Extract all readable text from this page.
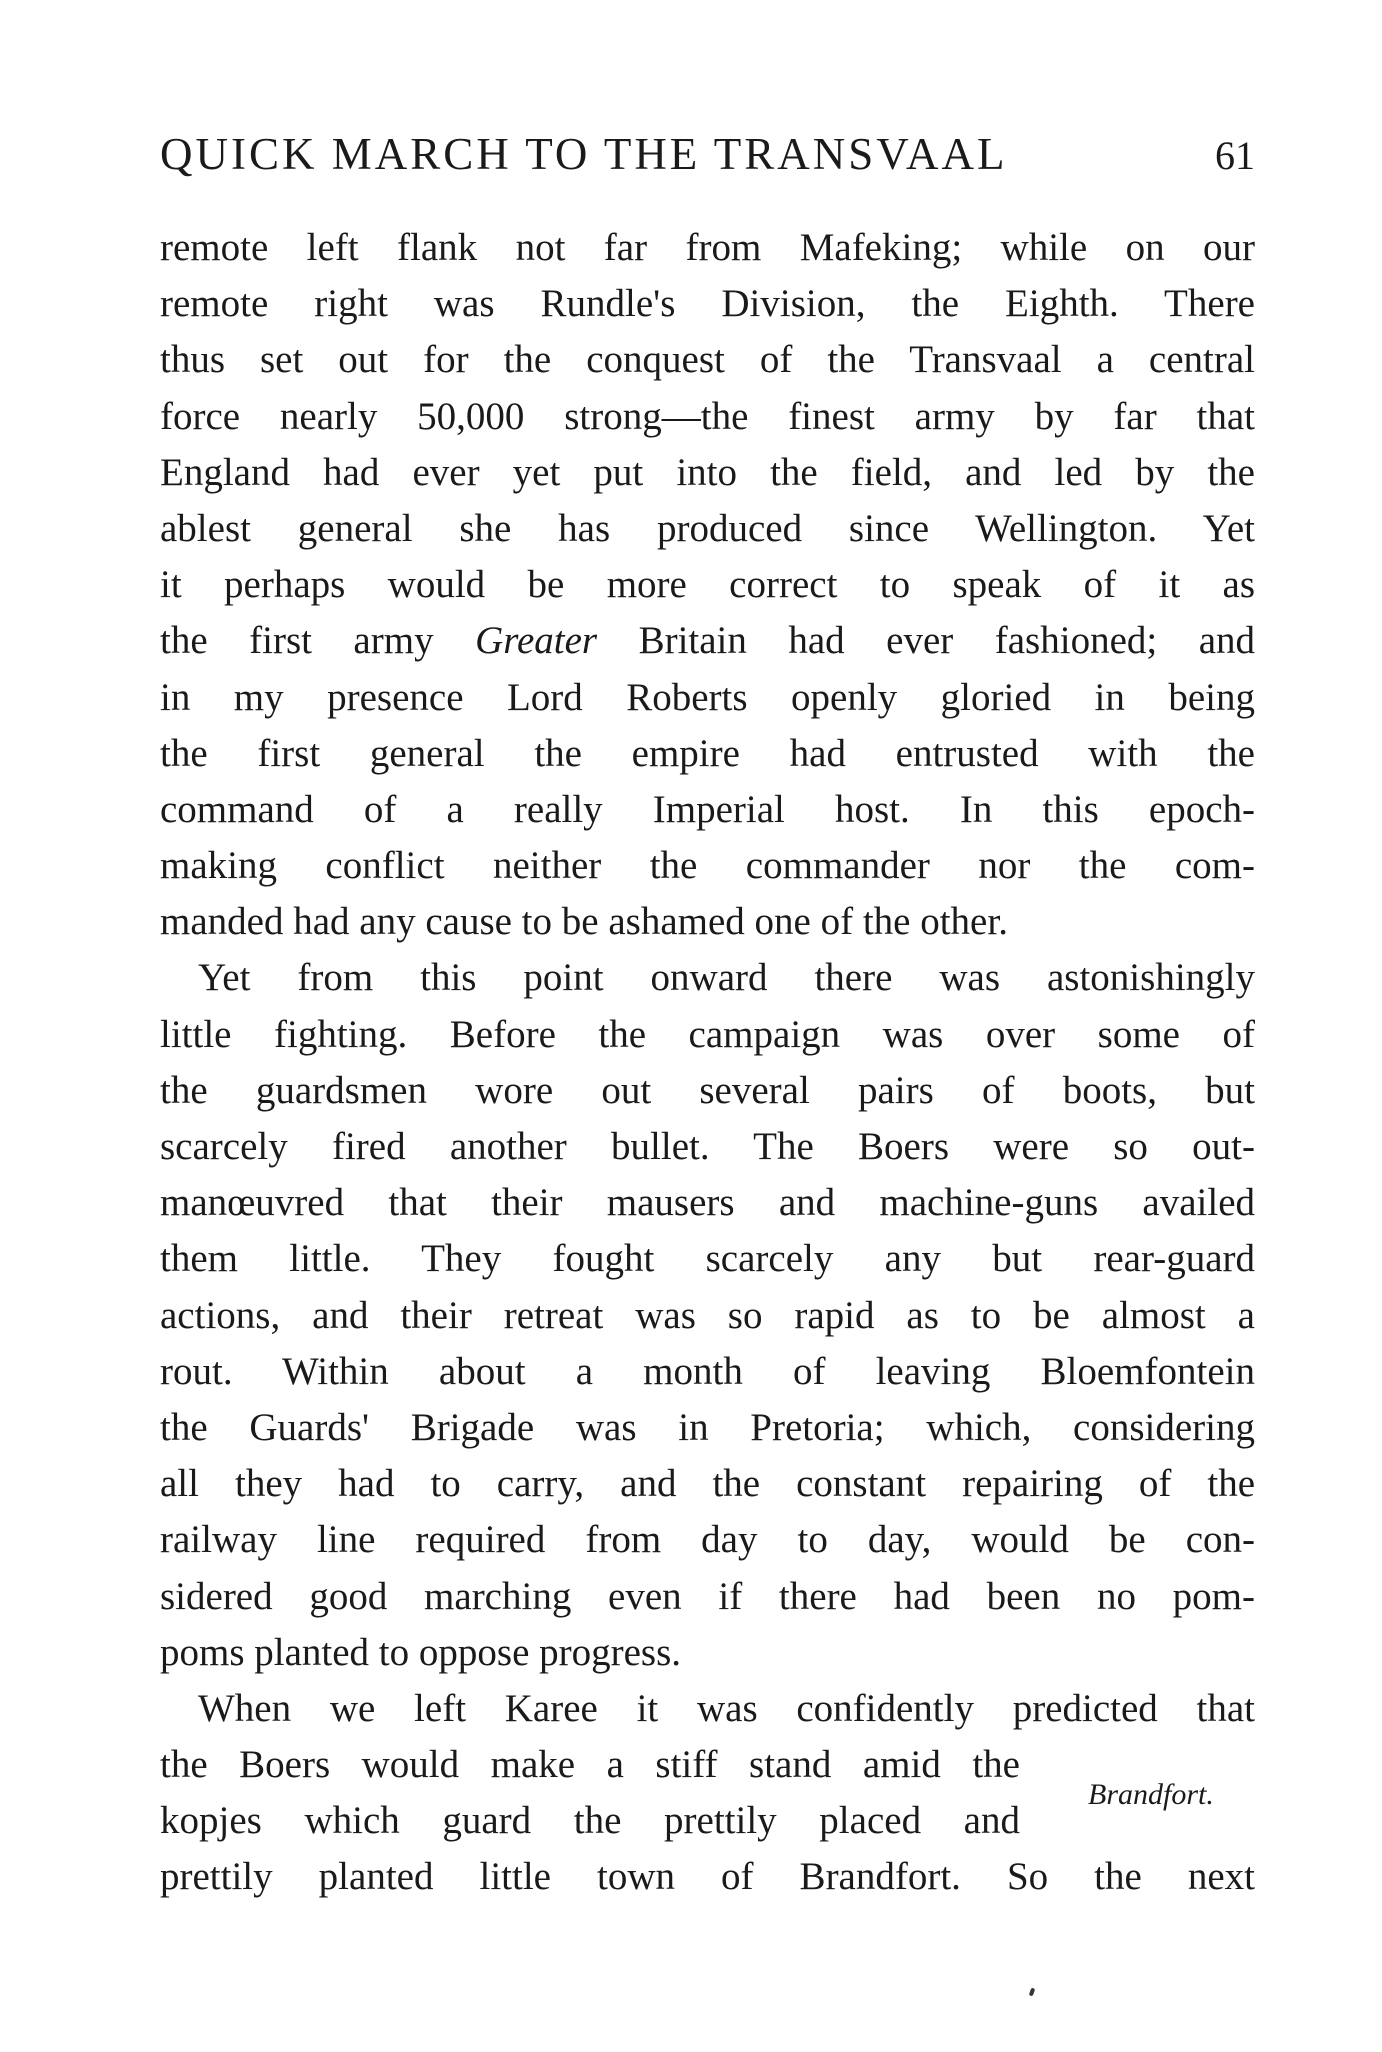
QUICK MARCH TO THE TRANSVAAL	61
remote left flank not far from Mafeking; while on our
remote right was Rundle's Division, the Eighth. There
thus set out for the conquest of the Transvaal a central
force nearly 50,000 strong—the finest army by far that
England had ever yet put into the field, and led by the
ablest general she has produced since Wellington. Yet
it perhaps would be more correct to speak of it as
the first army Greater Britain had ever fashioned; and
in my presence Lord Roberts openly gloried in being
the first general the empire had entrusted with the
command of a really Imperial host. In this epoch-
making conflict neither the commander nor the com-
manded had any cause to be ashamed one of the other.
Yet from this point onward there was astonishingly
little fighting. Before the campaign was over some of
the guardsmen wore out several pairs of boots, but
scarcely fired another bullet. The Boers were so out-
manœuvred that their mausers and machine-guns availed
them little. They fought scarcely any but rear-guard
actions, and their retreat was so rapid as to be almost a
rout. Within about a month of leaving Bloemfontein
the Guards' Brigade was in Pretoria; which, considering
all they had to carry, and the constant repairing of the
railway line required from day to day, would be con-
sidered good marching even if there had been no pom-
poms planted to oppose progress.
When we left Karee it was confidently predicted that
the Boers would make a stiff stand amid the
kopjes which guard the prettily placed and
prettily planted little town of Brandfort. So the next
Brandfort.
